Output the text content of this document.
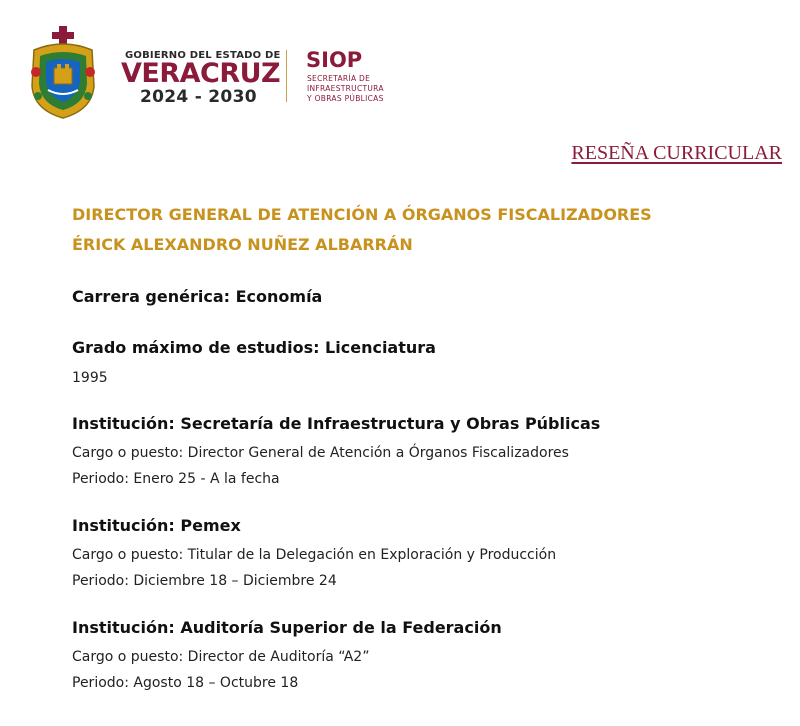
GOBIERNO DEL ESTADO DE
VERACRUZ
2024 - 2030
SIOP
SECRETARÍA DE
INFRAESTRUCTURA
Y OBRAS PÚBLICAS
RESEÑA CURRICULAR
DIRECTOR GENERAL DE ATENCIÓN A ÓRGANOS FISCALIZADORES
ÉRICK ALEXANDRO NUÑEZ ALBARRÁN
Carrera genérica: Economía
Grado máximo de estudios: Licenciatura
1995
Institución: Secretaría de Infraestructura y Obras Públicas
Cargo o puesto: Director General de Atención a Órganos Fiscalizadores
Periodo: Enero 25 - A la fecha
Institución: Pemex
Cargo o puesto: Titular de la Delegación en Exploración y Producción
Periodo: Diciembre 18 – Diciembre 24
Institución: Auditoría Superior de la Federación
Cargo o puesto: Director de Auditoría “A2”
Periodo: Agosto 18 – Octubre 18
